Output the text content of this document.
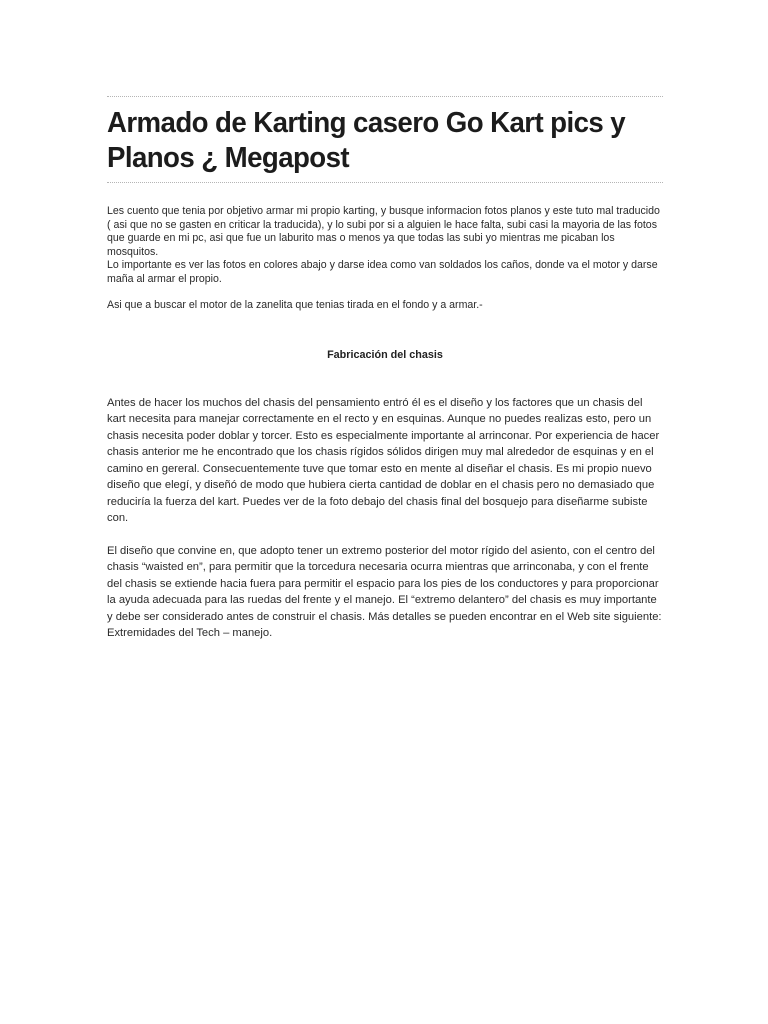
Armado de Karting casero Go Kart pics y Planos ¿ Megapost

Les cuento que tenia por objetivo armar mi propio karting, y busque informacion fotos planos y este tuto mal traducido ( asi que no se gasten en criticar la traducida), y lo subi por si a alguien le hace falta, subi casi la mayoria de las fotos que guarde en mi pc, asi que fue un laburito mas o menos ya que todas las subi yo mientras me picaban los mosquitos.

Lo importante es ver las fotos en colores abajo y darse idea como van soldados los caños, donde va el motor y darse maña al armar el propio.

Asi que a buscar el motor de la zanelita que tenias tirada en el fondo y a armar.-

Fabricación del chasis

Antes de hacer los muchos del chasis del pensamiento entró él es el diseño y los factores que un chasis del kart necesita para manejar correctamente en el recto y en esquinas. Aunque no puedes realizas esto, pero un chasis necesita poder doblar y torcer. Esto es especialmente importante al arrinconar. Por experiencia de hacer chasis anterior me he encontrado que los chasis rígidos sólidos dirigen muy mal alrededor de esquinas y en el camino en gereral. Consecuentemente tuve que tomar esto en mente al diseñar el chasis. Es mi propio nuevo diseño que elegí, y diseñó de modo que hubiera cierta cantidad de doblar en el chasis pero no demasiado que reduciría la fuerza del kart. Puedes ver de la foto debajo del chasis final del bosquejo para diseñarme subiste con.

El diseño que convine en, que adopto tener un extremo posterior del motor rígido del asiento, con el centro del chasis “waisted en”, para permitir que la torcedura necesaria ocurra mientras que arrinconaba, y con el frente del chasis se extiende hacia fuera para permitir el espacio para los pies de los conductores y para proporcionar la ayuda adecuada para las ruedas del frente y el manejo. El “extremo delantero” del chasis es muy importante y debe ser considerado antes de construir el chasis. Más detalles se pueden encontrar en el Web site siguiente: Extremidades del Tech – manejo.
